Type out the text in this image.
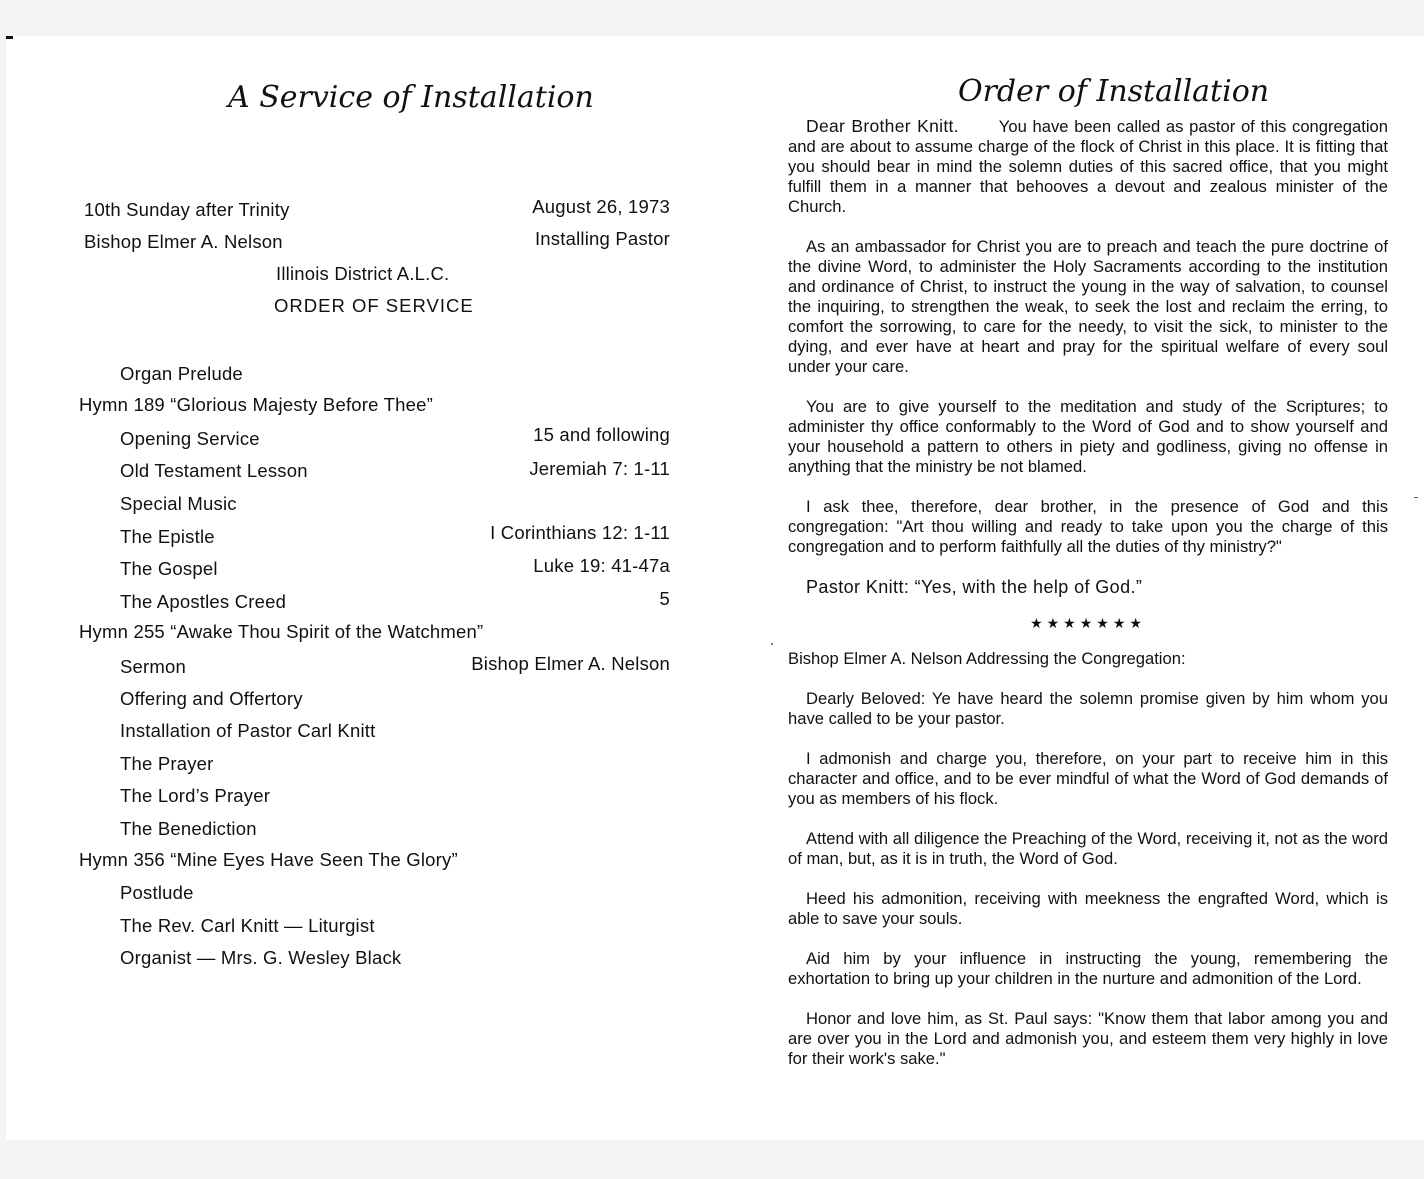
A Service of Installation
10th Sunday after Trinity	August 26, 1973
Bishop Elmer A. Nelson	Installing Pastor
Illinois District A.L.C.
ORDER OF SERVICE
Organ Prelude
Hymn 189 “Glorious Majesty Before Thee”
Opening Service	15 and following
Old Testament Lesson	Jeremiah 7: 1-11
Special Music
The Epistle	I Corinthians 12: 1-11
The Gospel	Luke 19: 41-47a
The Apostles Creed	5
Hymn 255 “Awake Thou Spirit of the Watchmen”
Sermon	Bishop Elmer A. Nelson
Offering and Offertory
Installation of Pastor Carl Knitt
The Prayer
The Lord’s Prayer
The Benediction
Hymn 356 “Mine Eyes Have Seen The Glory”
Postlude
The Rev. Carl Knitt — Liturgist
Organist — Mrs. G. Wesley Black
Order of Installation

Dear Brother Knitt. You have been called as pastor of this congregation and are about to assume charge of the flock of Christ in this place. It is fitting that you should bear in mind the solemn duties of this sacred office, that you might fulfill them in a manner that behooves a devout and zealous minister of the Church.

As an ambassador for Christ you are to preach and teach the pure doctrine of the divine Word, to administer the Holy Sacraments according to the institution and ordinance of Christ, to instruct the young in the way of salvation, to counsel the inquiring, to strengthen the weak, to seek the lost and reclaim the erring, to comfort the sorrowing, to care for the needy, to visit the sick, to minister to the dying, and ever have at heart and pray for the spiritual welfare of every soul under your care.

You are to give yourself to the meditation and study of the Scriptures; to administer thy office conformably to the Word of God and to show yourself and your household a pattern to others in piety and godliness, giving no offense in anything that the ministry be not blamed.

I ask thee, therefore, dear brother, in the presence of God and this congregation: "Art thou willing and ready to take upon you the charge of this congregation and to perform faithfully all the duties of thy ministry?"

Pastor Knitt: “Yes, with the help of God.”

★★★★★★★

Bishop Elmer A. Nelson Addressing the Congregation:

Dearly Beloved: Ye have heard the solemn promise given by him whom you have called to be your pastor.

I admonish and charge you, therefore, on your part to receive him in this character and office, and to be ever mindful of what the Word of God demands of you as members of his flock.

Attend with all diligence the Preaching of the Word, receiving it, not as the word of man, but, as it is in truth, the Word of God.

Heed his admonition, receiving with meekness the engrafted Word, which is able to save your souls.

Aid him by your influence in instructing the young, remembering the exhortation to bring up your children in the nurture and admonition of the Lord.

Honor and love him, as St. Paul says: "Know them that labor among you and are over you in the Lord and admonish you, and esteem them very highly in love for their work's sake."
